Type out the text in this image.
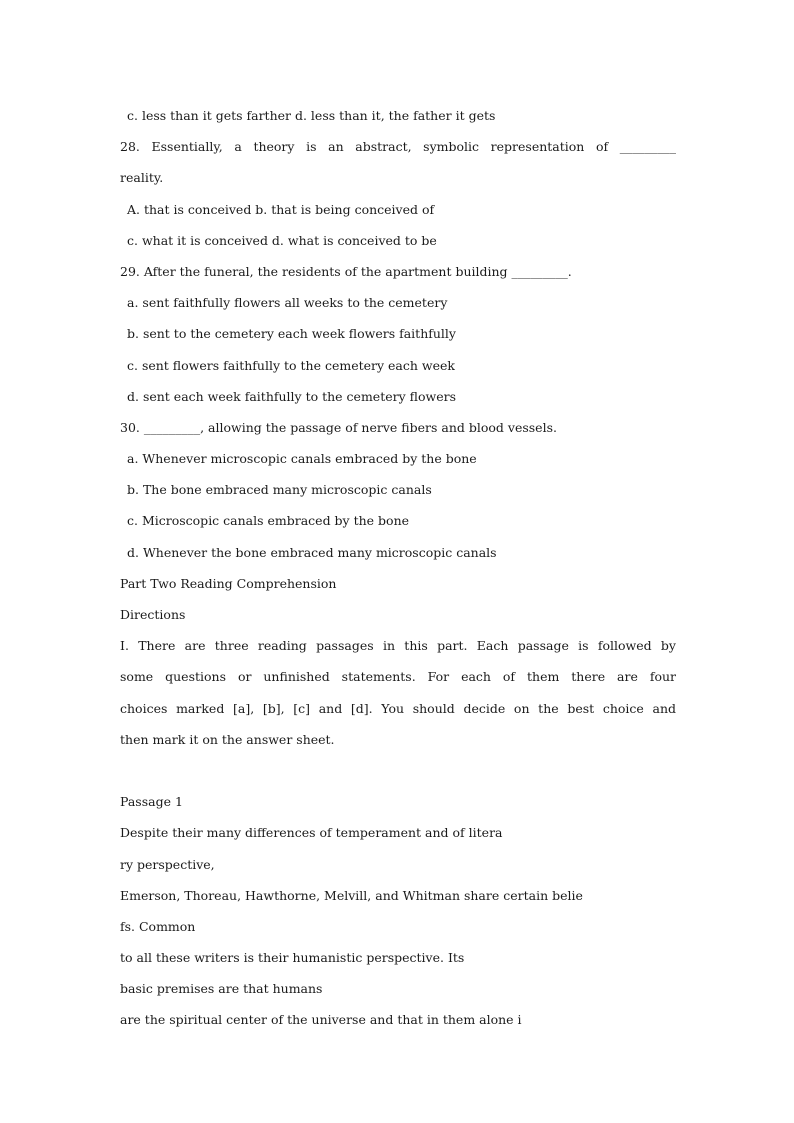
c. less than it gets farther d. less than it, the father it gets
28. Essentially, a theory is an abstract, symbolic representation of _________
reality.
A. that is conceived b. that is being conceived of
c. what it is conceived d. what is conceived to be
29. After the funeral, the residents of the apartment building _________.
a. sent faithfully flowers all weeks to the cemetery
b. sent to the cemetery each week flowers faithfully
c. sent flowers faithfully to the cemetery each week
d. sent each week faithfully to the cemetery flowers
30. _________, allowing the passage of nerve fibers and blood vessels.
a. Whenever microscopic canals embraced by the bone
b. The bone embraced many microscopic canals
c. Microscopic canals embraced by the bone
d. Whenever the bone embraced many microscopic canals
Part Two Reading Comprehension
Directions
I. There are three reading passages in this part. Each passage is followed by
some questions or unfinished statements. For each of them there are four
choices marked [a], [b], [c] and [d]. You should decide on the best choice and
then mark it on the answer sheet.
Passage 1
Despite their many differences of temperament and of litera
ry perspective,
Emerson, Thoreau, Hawthorne, Melvill, and Whitman share certain belie
fs. Common
to all these writers is their humanistic perspective. Its
basic premises are that humans
are the spiritual center of the universe and that in them alone i
